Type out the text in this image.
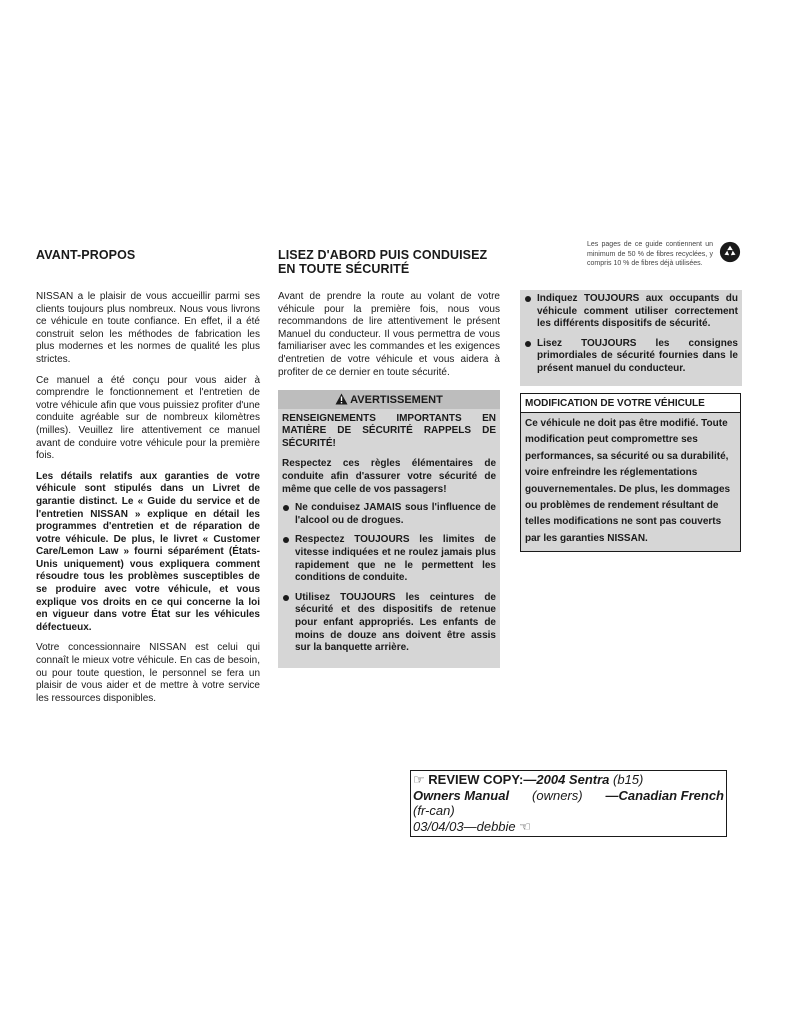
Les pages de ce guide contiennent un minimum de 50 % de fibres recyclées, y compris 10 % de fibres déjà utilisées.
AVANT-PROPOS

NISSAN a le plaisir de vous accueillir parmi ses clients toujours plus nombreux. Nous vous livrons ce véhicule en toute confiance. En effet, il a été construit selon les méthodes de fabrication les plus modernes et les normes de qualité les plus strictes.

Ce manuel a été conçu pour vous aider à comprendre le fonctionnement et l'entretien de votre véhicule afin que vous puissiez profiter d'une conduite agréable sur de nombreux kilomètres (milles). Veuillez lire attentivement ce manuel avant de conduire votre véhicule pour la première fois.

Les détails relatifs aux garanties de votre véhicule sont stipulés dans un Livret de garantie distinct. Le « Guide du service et de l'entretien NISSAN » explique en détail les programmes d'entretien et de réparation de votre véhicule. De plus, le livret « Customer Care/Lemon Law » fourni séparément (États-Unis uniquement) vous expliquera comment résoudre tous les problèmes susceptibles de se produire avec votre véhicule, et vous explique vos droits en ce qui concerne la loi en vigueur dans votre État sur les véhicules défectueux.

Votre concessionnaire NISSAN est celui qui connaît le mieux votre véhicule. En cas de besoin, ou pour toute question, le personnel se fera un plaisir de vous aider et de mettre à votre service les ressources disponibles.

LISEZ D'ABORD PUIS CONDUISEZ EN TOUTE SÉCURITÉ
Avant de prendre la route au volant de votre véhicule pour la première fois, nous vous recommandons de lire attentivement le présent Manuel du conducteur. Il vous permettra de vous familiariser avec les commandes et les exigences d'entretien de votre véhicule et vous aidera à profiter de ce dernier en toute sécurité.
AVERTISSEMENT
RENSEIGNEMENTS IMPORTANTS EN MATIÈRE DE SÉCURITÉ RAPPELS DE SÉCURITÉ!
Respectez ces règles élémentaires de conduite afin d'assurer votre sécurité de même que celle de vos passagers!
Ne conduisez JAMAIS sous l'influence de l'alcool ou de drogues.
Respectez TOUJOURS les limites de vitesse indiquées et ne roulez jamais plus rapidement que ne le permettent les conditions de conduite.
Utilisez TOUJOURS les ceintures de sécurité et des dispositifs de retenue pour enfant appropriés. Les enfants de moins de douze ans doivent être assis sur la banquette arrière.
Indiquez TOUJOURS aux occupants du véhicule comment utiliser correctement les différents dispositifs de sécurité.
Lisez TOUJOURS les consignes primordiales de sécurité fournies dans le présent manuel du conducteur.
MODIFICATION DE VOTRE VÉHICULE
Ce véhicule ne doit pas être modifié. Toute modification peut compromettre ses performances, sa sécurité ou sa durabilité, voire enfreindre les réglementations gouvernementales. De plus, les dommages ou problèmes de rendement résultant de telles modifications ne sont pas couverts par les garanties NISSAN.
☞ REVIEW COPY:—2004 Sentra (b15)
Owners Manual (owners) —Canadian French
(fr-can)
03/04/03—debbie ☜
